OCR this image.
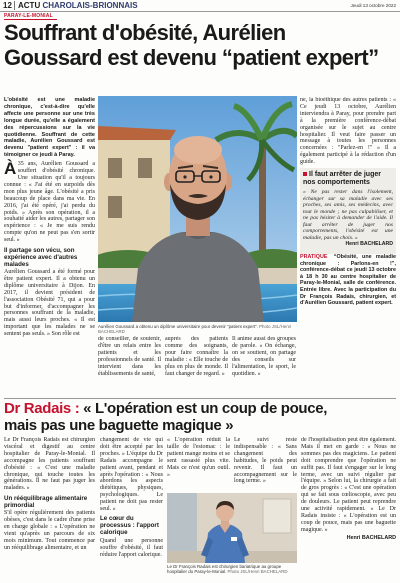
12 ACTU CHAROLAIS-BRIONNAIS	Jeudi 13 octobre 2022
PARAY-LE-MONIAL
Souffrant d'obésité, Aurélien
Goussard est devenu “patient expert”

L'obésité est une maladie chronique, c'est-à-dire qu'elle affecte une personne sur une très longue durée, qu'elle a également des répercussions sur la vie quotidienne. Souffrant de cette maladie, Aurélien Goussard est devenu "patient expert" : il va témoigner ce jeudi à Paray.

À35 ans, Aurélien Goussard a souffert d'obésité chronique. Une situation qu'il a toujours connue : « J'ai été en surpoids dès mon plus jeune âge. L'obésité a pris beaucoup de place dans ma vie. En 2016, j'ai été opéré, j'ai perdu du poids. » Après son opération, il a souhaité aider les autres, partager son expérience : « Je me suis rendu compte qu'on ne peut pas s'en sortir seul. »

Il partage son vécu, son expérience avec d'autres malades

Aurélien Goussard a été formé pour être patient expert. Il a obtenu un diplôme universitaire à Dijon. En 2017, il devient président de l'association Obésité 71, qui a pour but d'informer, d'accompagner les personnes souffrant de la maladie, mais aussi leurs proches. « Il est important que les malades ne se sentent pas seuls. » Son rôle est

Aurélien Goussard a obtenu un diplôme universitaire pour devenir “patient expert”. Photo JSL/Henri BACHELARD

de conseiller, de soutenir, d'être un relais entre les patients et les professionnels de santé. Il intervient dans les établissements de santé,

auprès des patients comme des soignants, pour faire connaître la maladie : « Elle touche de plus en plus de monde. Il faut changer de regard. »

Il anime aussi des groupes de parole. « On échange, on se soutient, on partage des conseils sur l'alimentation, le sport, le quotidien. »

ne, la bioéthique des autres patients : « Ce jeudi 13 octobre, Aurélien interviendra à Paray, pour prendre part à la première conférence-débat organisée sur le sujet au centre hospitalier. Il veut faire passer un message à toutes les personnes concernées : "Parlez-en !" » Il a également participé à la rédaction d'un guide.

Il faut arrêter de juger nos comportements
« Ne pas rester dans l'isolement, échanger sur sa maladie avec ses proches, ses amis, ses médecins, avec tout le monde ; ne pas culpabiliser, et ne pas hésiter à demander de l'aide. Il faut arrêter de juger nos comportements, l'obésité est une maladie, pas un choix. »
Henri BACHELARD
PRATIQUE “Obésité, une maladie chronique : Parlons-en !”, conférence-débat ce jeudi 13 octobre à 18 h 30 au centre hospitalier de Paray-le-Monial, salle de conférence. Entrée libre. Avec la participation du Dr François Radais, chirurgien, et d'Aurélien Goussard, patient expert.
Dr Radais : « L'opération est un coup de pouce,
mais pas une baguette magique »

Le Dr François Radais est chirurgien viscéral et digestif au centre hospitalier de Paray-le-Monial. Il accompagne les patients souffrant d'obésité : « C'est une maladie chronique, qui touche toutes les générations. Il ne faut pas juger les malades. »

Un rééquilibrage alimentaire primordial

S'il opère régulièrement des patients obèses, c'est dans le cadre d'une prise en charge globale : « L'opération ne vient qu'après un parcours de six mois minimum. Tout commence par un rééquilibrage alimentaire, et un

changement de vie qui doit être accepté par les proches. » L'équipe du Dr Radais accompagne le patient avant, pendant et après l'opération : « Nous abordons les aspects diététiques, physiques, psychologiques. Le patient ne doit pas rester seul. »

Le cœur du processus : l'apport calorique

Quand une personne souffre d'obésité, il faut réduire l'apport calorique.

« L'opération réduit la taille de l'estomac : le patient mange moins et se sent rassasié plus vite. Mais ce n'est qu'un outil. »

Le suivi reste indispensable : « Sans changement des habitudes, le poids peut revenir. Il faut un accompagnement sur le long terme. »

Le Dr François Radais est chirurgien bariatrique au groupe hospitalier du Paray-le-Monial. Photo JSL/Henri BACHELARD

de l'hospitalisation peut être également. Mais il met en garde : « Nous ne sommes pas des magiciens. Le patient doit comprendre que l'opération ne suffit pas. Il faut s'engager sur le long terme, avec un suivi régulier par l'équipe. » Selon lui, la chirurgie a fait de gros progrès : « C'est une opération qui se fait sous cœlioscopie, avec peu de douleurs. Le patient peut reprendre une activité rapidement. » Le Dr Radais insiste : « L'opération est un coup de pouce, mais pas une baguette magique. »

Henri BACHELARD
